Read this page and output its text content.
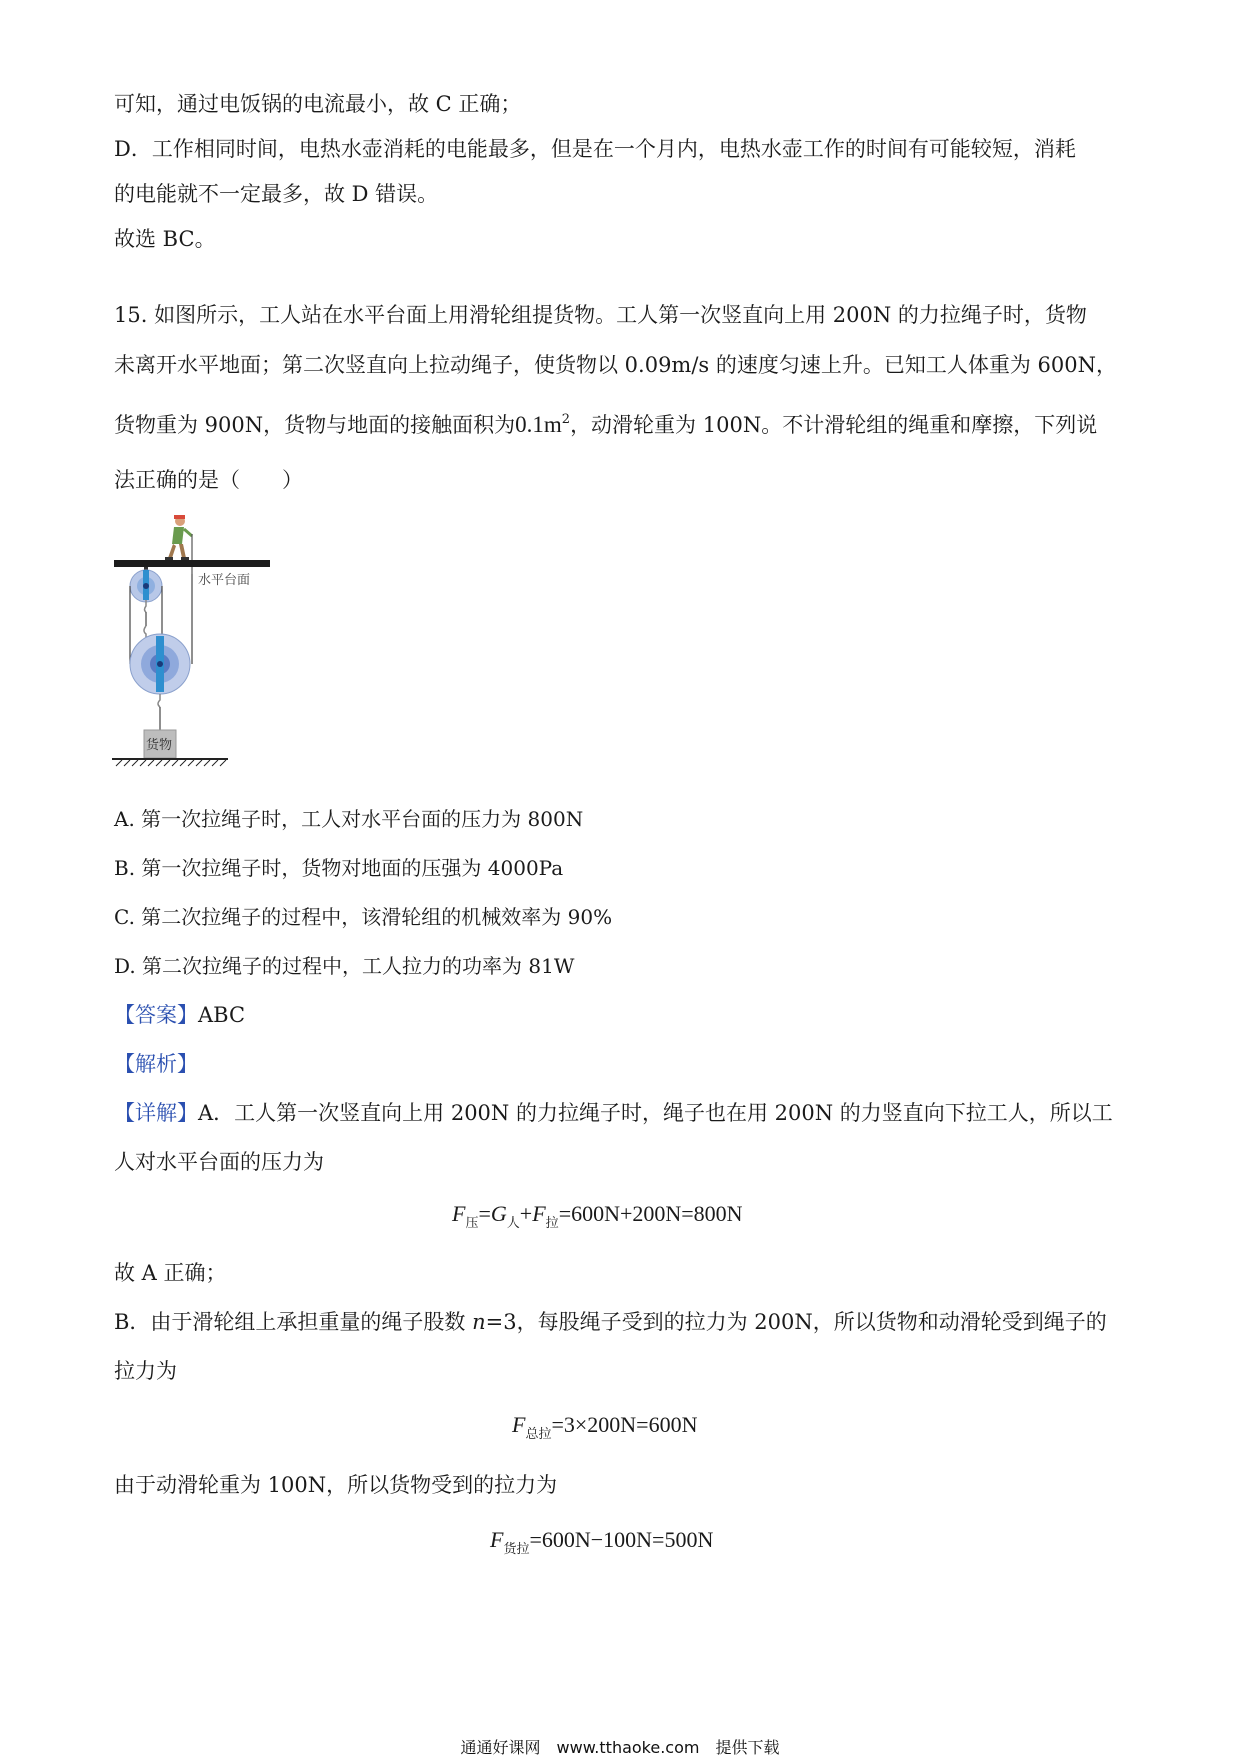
可知，通过电饭锅的电流最小，故 C 正确；
D．工作相同时间，电热水壶消耗的电能最多，但是在一个月内，电热水壶工作的时间有可能较短，消耗
的电能就不一定最多，故 D 错误。
故选 BC。
15. 如图所示，工人站在水平台面上用滑轮组提货物。工人第一次竖直向上用 200N 的力拉绳子时，货物
未离开水平地面；第二次竖直向上拉动绳子，使货物以 0.09m/s 的速度匀速上升。已知工人体重为 600N，
货物重为 900N，货物与地面的接触面积为$0.1m^2$，动滑轮重为 100N。不计滑轮组的绳重和摩擦，下列说
法正确的是（　　）
水平台面
货物
A. 第一次拉绳子时，工人对水平台面的压力为 800N
B. 第一次拉绳子时，货物对地面的压强为 4000Pa
C. 第二次拉绳子的过程中，该滑轮组的机械效率为 90%
D. 第二次拉绳子的过程中，工人拉力的功率为 81W
【答案】ABC
【解析】
【详解】A．工人第一次竖直向上用 200N 的力拉绳子时，绳子也在用 200N 的力竖直向下拉工人，所以工
人对水平台面的压力为
$F_压=G_人+F_拉=600N+200N=800N$
故 A 正确；
B．由于滑轮组上承担重量的绳子股数 n=3，每股绳子受到的拉力为 200N，所以货物和动滑轮受到绳子的
拉力为
$F_{总拉}=3\times 200N=600N$
由于动滑轮重为 100N，所以货物受到的拉力为
$F_{货拉}=600N-100N=500N$
通通好课网　www.tthaoke.com　提供下载
